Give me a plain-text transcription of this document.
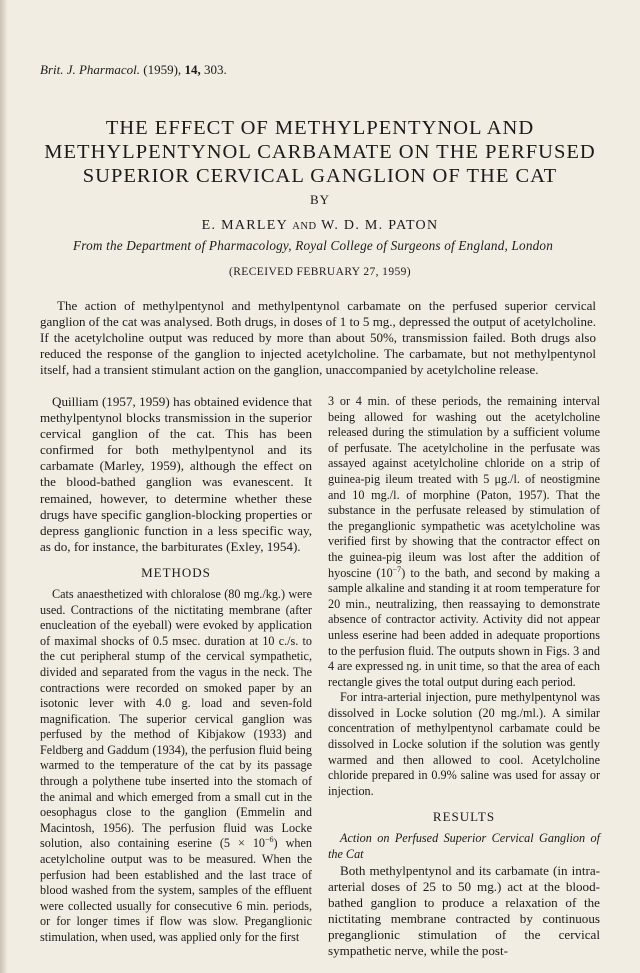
Brit. J. Pharmacol. (1959), 14, 303.
THE EFFECT OF METHYLPENTYNOL AND METHYLPENTYNOL CARBAMATE ON THE PERFUSED SUPERIOR CERVICAL GANGLION OF THE CAT
BY
E. MARLEY AND W. D. M. PATON
From the Department of Pharmacology, Royal College of Surgeons of England, London
(RECEIVED FEBRUARY 27, 1959)

The action of methylpentynol and methylpentynol carbamate on the perfused superior cervical ganglion of the cat was analysed. Both drugs, in doses of 1 to 5 mg., depressed the output of acetylcholine. If the acetylcholine output was reduced by more than about 50%, transmission failed. Both drugs also reduced the response of the ganglion to injected acetylcholine. The carbamate, but not methylpentynol itself, had a transient stimulant action on the ganglion, unaccompanied by acetylcholine release.

Quilliam (1957, 1959) has obtained evidence that methylpentynol blocks transmission in the superior cervical ganglion of the cat. This has been confirmed for both methylpentynol and its carbamate (Marley, 1959), although the effect on the blood-bathed ganglion was evanescent. It remained, however, to determine whether these drugs have specific ganglion-blocking properties or depress ganglionic function in a less specific way, as do, for instance, the barbiturates (Exley, 1954).

METHODS

Cats anaesthetized with chloralose (80 mg./kg.) were used. Contractions of the nictitating membrane (after enucleation of the eyeball) were evoked by application of maximal shocks of 0.5 msec. duration at 10 c./s. to the cut peripheral stump of the cervical sympathetic, divided and separated from the vagus in the neck. The contractions were recorded on smoked paper by an isotonic lever with 4.0 g. load and seven-fold magnification. The superior cervical ganglion was perfused by the method of Kibjakow (1933) and Feldberg and Gaddum (1934), the perfusion fluid being warmed to the temperature of the cat by its passage through a polythene tube inserted into the stomach of the animal and which emerged from a small cut in the oesophagus close to the ganglion (Emmelin and Macintosh, 1956). The perfusion fluid was Locke solution, also containing eserine $(5 \times 10^{-6})$ when acetylcholine output was to be measured. When the perfusion had been established and the last trace of blood washed from the system, samples of the effluent were collected usually for consecutive 6 min. periods, or for longer times if flow was slow. Preganglionic stimulation, when used, was applied only for the first

3 or 4 min. of these periods, the remaining interval being allowed for washing out the acetylcholine released during the stimulation by a sufficient volume of perfusate. The acetylcholine in the perfusate was assayed against acetylcholine chloride on a strip of guinea-pig ileum treated with 5 μg./l. of neostigmine and 10 mg./l. of morphine (Paton, 1957). That the substance in the perfusate released by stimulation of the preganglionic sympathetic was acetylcholine was verified first by showing that the contractor effect on the guinea-pig ileum was lost after the addition of hyoscine $(10^{-7})$ to the bath, and second by making a sample alkaline and standing it at room temperature for 20 min., neutralizing, then reassaying to demonstrate absence of contractor activity. Activity did not appear unless eserine had been added in adequate proportions to the perfusion fluid. The outputs shown in Figs. 3 and 4 are expressed ng. in unit time, so that the area of each rectangle gives the total output during each period.

For intra-arterial injection, pure methylpentynol was dissolved in Locke solution (20 mg./ml.). A similar concentration of methylpentynol carbamate could be dissolved in Locke solution if the solution was gently warmed and then allowed to cool. Acetylcholine chloride prepared in 0.9% saline was used for assay or injection.

RESULTS

Action on Perfused Superior Cervical Ganglion of the Cat

Both methylpentynol and its carbamate (in intra-arterial doses of 25 to 50 mg.) act at the blood-bathed ganglion to produce a relaxation of the nictitating membrane contracted by continuous preganglionic stimulation of the cervical sympathetic nerve, while the post-
